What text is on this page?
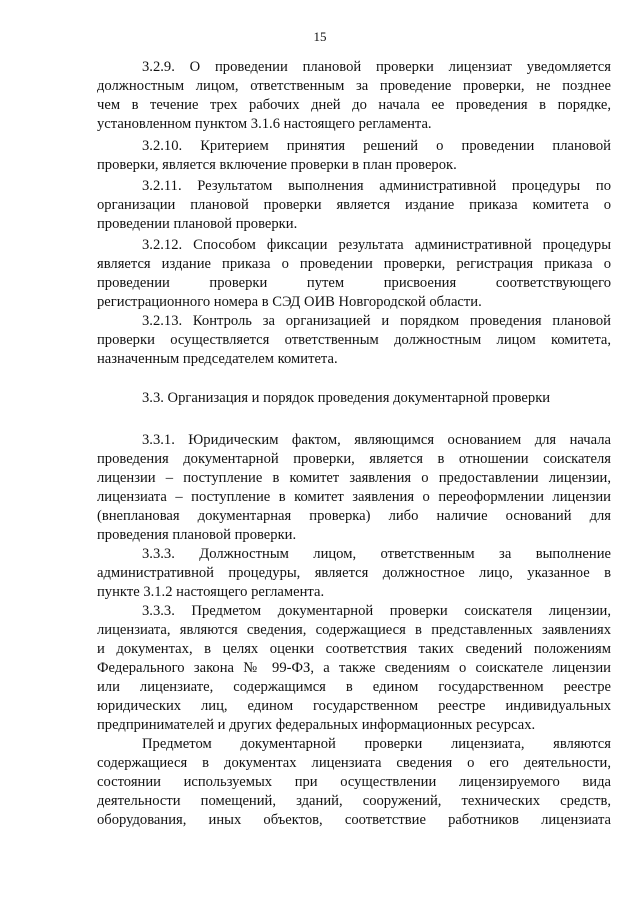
15
3.2.9. О проведении плановой проверки лицензиат уведомляется
должностным лицом, ответственным за проведение проверки, не позднее
чем в течение трех рабочих дней до начала ее проведения в порядке,
установленном пунктом 3.1.6 настоящего регламента.
3.2.10. Критерием принятия решений о проведении плановой
проверки, является включение проверки в план проверок.
3.2.11. Результатом выполнения административной процедуры по
организации плановой проверки является издание приказа комитета о
проведении плановой проверки.
3.2.12. Способом фиксации результата административной процедуры
является издание приказа о проведении проверки, регистрация приказа о
проведении проверки путем присвоения соответствующего
регистрационного номера в СЭД ОИВ Новгородской области.
3.2.13. Контроль за организацией и порядком проведения плановой
проверки осуществляется ответственным должностным лицом комитета,
назначенным председателем комитета.
3.3. Организация и порядок проведения документарной проверки
3.3.1. Юридическим фактом, являющимся основанием для начала
проведения документарной проверки, является в отношении соискателя
лицензии – поступление в комитет заявления о предоставлении лицензии,
лицензиата – поступление в комитет заявления о переоформлении лицензии
(внеплановая документарная проверка) либо наличие оснований для
проведения плановой проверки.
3.3.3. Должностным лицом, ответственным за выполнение
административной процедуры, является должностное лицо, указанное в
пункте 3.1.2 настоящего регламента.
3.3.3. Предметом документарной проверки соискателя лицензии,
лицензиата, являются сведения, содержащиеся в представленных заявлениях
и документах, в целях оценки соответствия таких сведений положениям
Федерального закона № 99-ФЗ, а также сведениям о соискателе лицензии
или лицензиате, содержащимся в едином государственном реестре
юридических лиц, едином государственном реестре индивидуальных
предпринимателей и других федеральных информационных ресурсах.
Предметом документарной проверки лицензиата, являются
содержащиеся в документах лицензиата сведения о его деятельности,
состоянии используемых при осуществлении лицензируемого вида
деятельности помещений, зданий, сооружений, технических средств,
оборудования, иных объектов, соответствие работников лицензиата
